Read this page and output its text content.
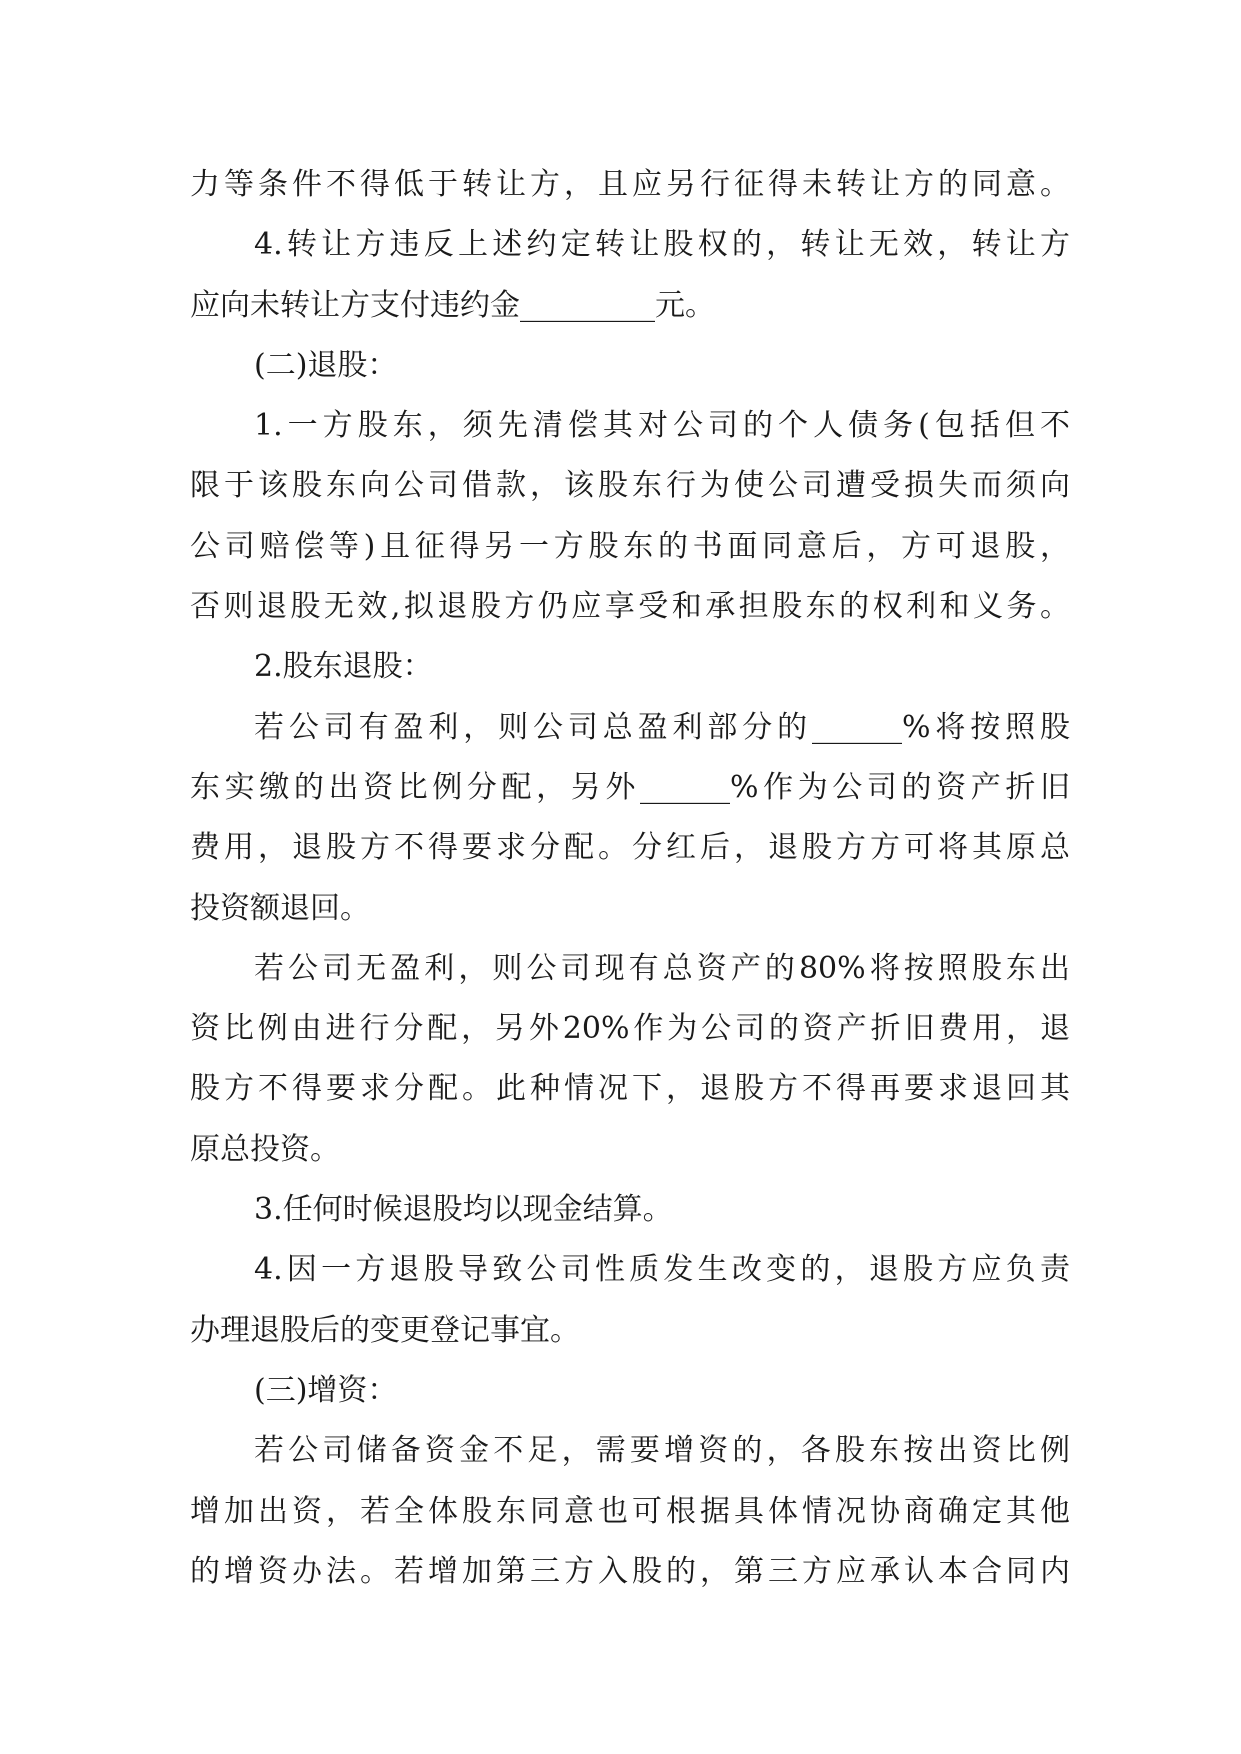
力等条件不得低于转让方，且应另行征得未转让方的同意。
4.转让方违反上述约定转让股权的，转让无效，转让方
应向未转让方支付违约金_________元。
(二)退股：
1.一方股东，须先清偿其对公司的个人债务(包括但不
限于该股东向公司借款，该股东行为使公司遭受损失而须向
公司赔偿等)且征得另一方股东的书面同意后，方可退股，
否则退股无效,拟退股方仍应享受和承担股东的权利和义务。
2.股东退股：
若公司有盈利，则公司总盈利部分的______%将按照股
东实缴的出资比例分配，另外______%作为公司的资产折旧
费用，退股方不得要求分配。分红后，退股方方可将其原总
投资额退回。
若公司无盈利，则公司现有总资产的80%将按照股东出
资比例由进行分配，另外20%作为公司的资产折旧费用，退
股方不得要求分配。此种情况下，退股方不得再要求退回其
原总投资。
3.任何时候退股均以现金结算。
4.因一方退股导致公司性质发生改变的，退股方应负责
办理退股后的变更登记事宜。
(三)增资：
若公司储备资金不足，需要增资的，各股东按出资比例
增加出资，若全体股东同意也可根据具体情况协商确定其他
的增资办法。若增加第三方入股的，第三方应承认本合同内
